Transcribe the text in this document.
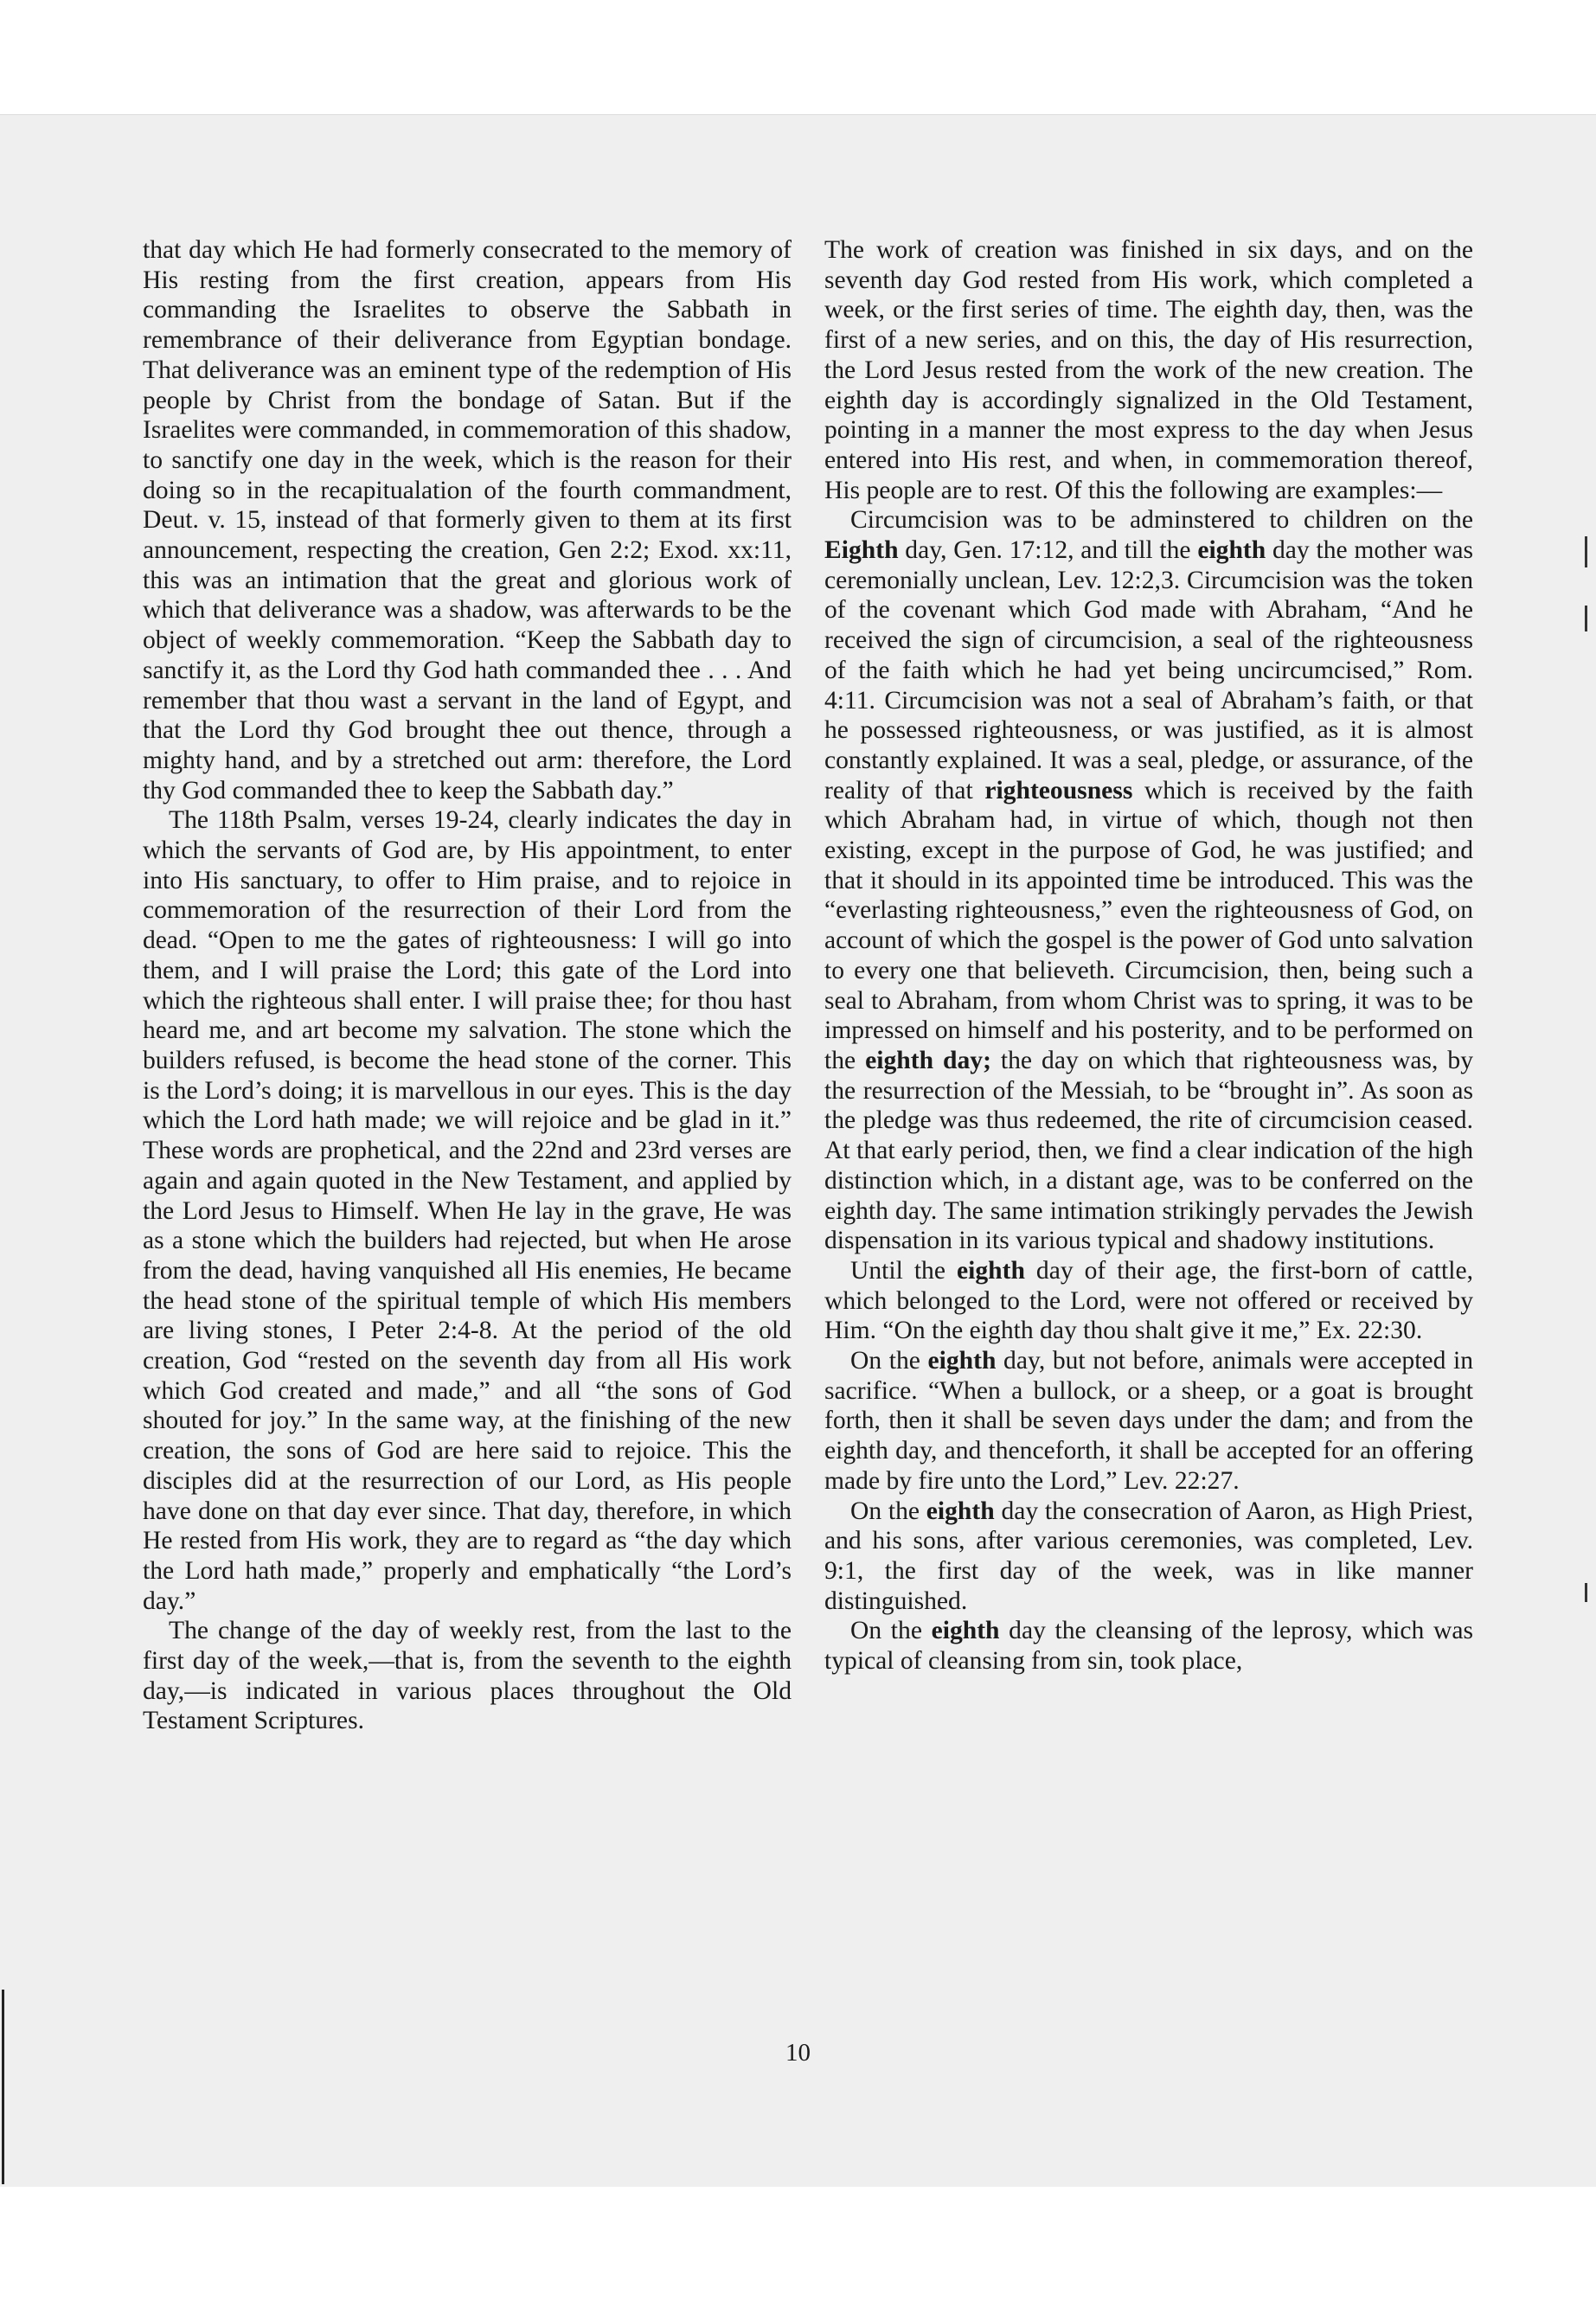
that day which He had formerly consecrated to the memory of His resting from the first creation, appears from His commanding the Israelites to observe the Sabbath in remembrance of their deliverance from Egyptian bondage. That deliverance was an eminent type of the redemption of His people by Christ from the bondage of Satan. But if the Israelites were commanded, in commemoration of this shadow, to sanctify one day in the week, which is the reason for their doing so in the recapitualation of the fourth commandment, Deut. v. 15, instead of that formerly given to them at its first announcement, respecting the creation, Gen 2:2; Exod. xx:11, this was an intimation that the great and glorious work of which that deliverance was a shadow, was afterwards to be the object of weekly commemoration. “Keep the Sabbath day to sanctify it, as the Lord thy God hath commanded thee . . . And remember that thou wast a servant in the land of Egypt, and that the Lord thy God brought thee out thence, through a mighty hand, and by a stretched out arm: therefore, the Lord thy God commanded thee to keep the Sabbath day.”

The 118th Psalm, verses 19-24, clearly indicates the day in which the servants of God are, by His appointment, to enter into His sanctuary, to offer to Him praise, and to rejoice in commemoration of the resurrection of their Lord from the dead. “Open to me the gates of righteousness: I will go into them, and I will praise the Lord; this gate of the Lord into which the righteous shall enter. I will praise thee; for thou hast heard me, and art become my salvation. The stone which the builders refused, is become the head stone of the corner. This is the Lord’s doing; it is marvellous in our eyes. This is the day which the Lord hath made; we will rejoice and be glad in it.” These words are prophetical, and the 22nd and 23rd verses are again and again quoted in the New Testament, and applied by the Lord Jesus to Himself. When He lay in the grave, He was as a stone which the builders had rejected, but when He arose from the dead, having vanquished all His enemies, He became the head stone of the spiritual temple of which His members are living stones, I Peter 2:4-8. At the period of the old creation, God “rested on the seventh day from all His work which God created and made,” and all “the sons of God shouted for joy.” In the same way, at the finishing of the new creation, the sons of God are here said to rejoice. This the disciples did at the resurrection of our Lord, as His people have done on that day ever since. That day, therefore, in which He rested from His work, they are to regard as “the day which the Lord hath made,” properly and emphatically “the Lord’s day.”

The change of the day of weekly rest, from the last to the first day of the week,—that is, from the seventh to the eighth day,—is indicated in various places throughout the Old Testament Scriptures.

The work of creation was finished in six days, and on the seventh day God rested from His work, which completed a week, or the first series of time. The eighth day, then, was the first of a new series, and on this, the day of His resurrection, the Lord Jesus rested from the work of the new creation. The eighth day is accordingly signalized in the Old Testament, pointing in a manner the most express to the day when Jesus entered into His rest, and when, in commemoration thereof, His people are to rest. Of this the following are examples:—

Circumcision was to be adminstered to children on the Eighth day, Gen. 17:12, and till the eighth day the mother was ceremonially unclean, Lev. 12:2,3. Circumcision was the token of the covenant which God made with Abraham, “And he received the sign of circumcision, a seal of the righteousness of the faith which he had yet being uncircumcised,” Rom. 4:11. Circumcision was not a seal of Abraham’s faith, or that he possessed righteousness, or was justified, as it is almost constantly explained. It was a seal, pledge, or assurance, of the reality of that righteousness which is received by the faith which Abraham had, in virtue of which, though not then existing, except in the purpose of God, he was justified; and that it should in its appointed time be introduced. This was the “everlasting righteousness,” even the righteousness of God, on account of which the gospel is the power of God unto salvation to every one that believeth. Circumcision, then, being such a seal to Abraham, from whom Christ was to spring, it was to be impressed on himself and his posterity, and to be performed on the eighth day; the day on which that righteousness was, by the resurrection of the Messiah, to be “brought in”. As soon as the pledge was thus redeemed, the rite of circumcision ceased. At that early period, then, we find a clear indication of the high distinction which, in a distant age, was to be conferred on the eighth day. The same intimation strikingly pervades the Jewish dispensation in its various typical and shadowy institutions.

Until the eighth day of their age, the first-born of cattle, which belonged to the Lord, were not offered or received by Him. “On the eighth day thou shalt give it me,” Ex. 22:30.

On the eighth day, but not before, animals were accepted in sacrifice. “When a bullock, or a sheep, or a goat is brought forth, then it shall be seven days under the dam; and from the eighth day, and thenceforth, it shall be accepted for an offering made by fire unto the Lord,” Lev. 22:27.

On the eighth day the consecration of Aaron, as High Priest, and his sons, after various ceremonies, was completed, Lev. 9:1, the first day of the week, was in like manner distinguished.

On the eighth day the cleansing of the leprosy, which was typical of cleansing from sin, took place,

10
